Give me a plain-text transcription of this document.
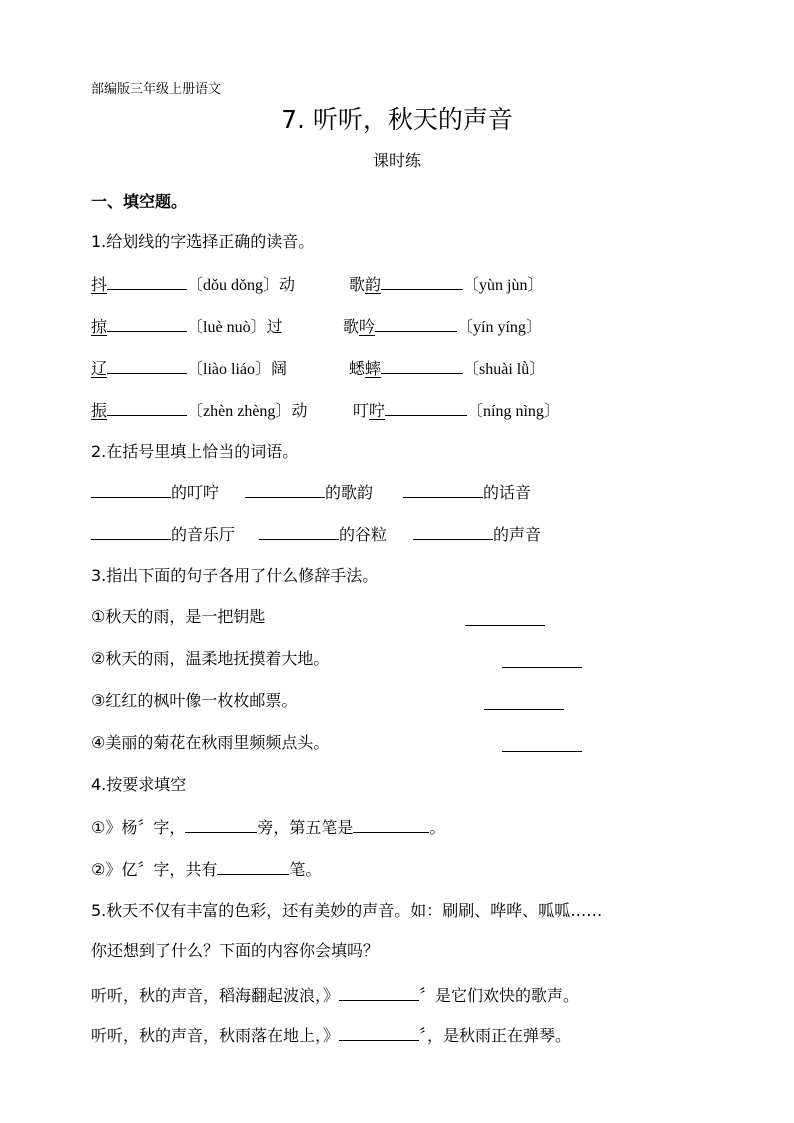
部编版三年级上册语文
7. 听听，秋天的声音
课时练
一、填空题。
1.给划线的字选择正确的读音。
抖	〔dǒu dǒng〕动	歌韵	〔yùn jùn〕
掠	〔luè nuò〕过	歌吟	〔yín yíng〕
辽	〔liào liáo〕阔	蟋蟀	〔shuài lǜ〕
振	〔zhèn zhèng〕动	叮咛	〔níng nìng〕
2.在括号里填上恰当的词语。
的叮咛	的歌韵	的话音
的音乐厅	的谷粒	的声音
3.指出下面的句子各用了什么修辞手法。
①秋天的雨，是一把钥匙
②秋天的雨，温柔地抚摸着大地。
③红红的枫叶像一枚枚邮票。
④美丽的菊花在秋雨里频频点头。
4.按要求填空
①》杨〞字，	旁，第五笔是	。
②》亿〞字，共有	笔。
5.秋天不仅有丰富的色彩，还有美妙的声音。如：刷刷、哗哗、呱呱……
你还想到了什么？下面的内容你会填吗？
听听，秋的声音，稻海翻起波浪，》	〞是它们欢快的歌声。
听听，秋的声音，秋雨落在地上，》	〞，是秋雨正在弹琴。
